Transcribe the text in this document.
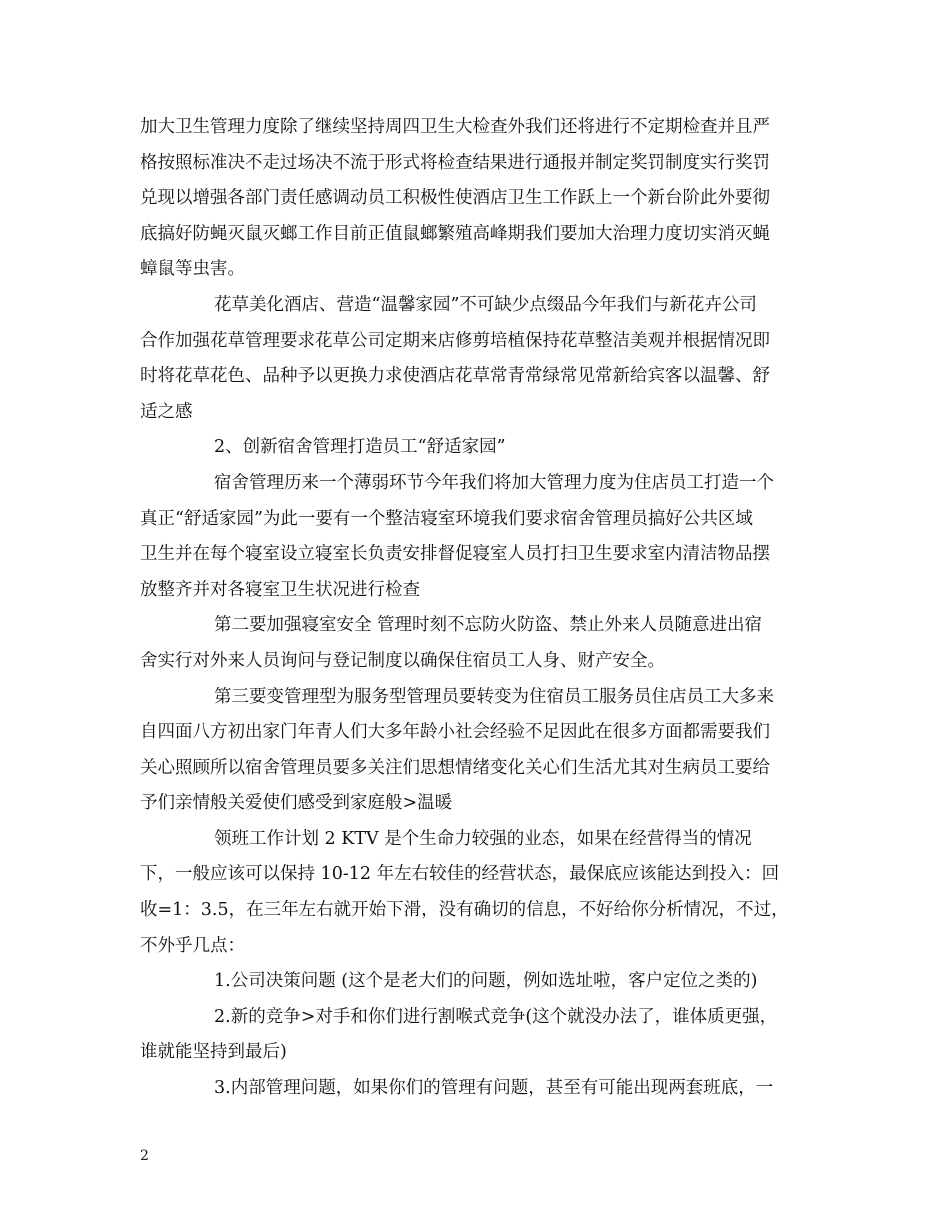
加大卫生管理力度除了继续坚持周四卫生大检查外我们还将进行不定期检查并且严
格按照标准决不走过场决不流于形式将检查结果进行通报并制定奖罚制度实行奖罚
兑现以增强各部门责任感调动员工积极性使酒店卫生工作跃上一个新台阶此外要彻
底搞好防蝇灭鼠灭螂工作目前正值鼠螂繁殖高峰期我们要加大治理力度切实消灭蝇
蟑鼠等虫害。
花草美化酒店、营造“温馨家园”不可缺少点缀品今年我们与新花卉公司
合作加强花草管理要求花草公司定期来店修剪培植保持花草整洁美观并根据情况即
时将花草花色、品种予以更换力求使酒店花草常青常绿常见常新给宾客以温馨、舒
适之感
2、创新宿舍管理打造员工“舒适家园”
宿舍管理历来一个薄弱环节今年我们将加大管理力度为住店员工打造一个
真正“舒适家园”为此一要有一个整洁寝室环境我们要求宿舍管理员搞好公共区域
卫生并在每个寝室设立寝室长负责安排督促寝室人员打扫卫生要求室内清洁物品摆
放整齐并对各寝室卫生状况进行检查
第二要加强寝室安全 管理时刻不忘防火防盗、禁止外来人员随意进出宿
舍实行对外来人员询问与登记制度以确保住宿员工人身、财产安全。
第三要变管理型为服务型管理员要转变为住宿员工服务员住店员工大多来
自四面八方初出家门年青人们大多年龄小社会经验不足因此在很多方面都需要我们
关心照顾所以宿舍管理员要多关注们思想情绪变化关心们生活尤其对生病员工要给
予们亲情般关爱使们感受到家庭般>温暖
领班工作计划 2 KTV 是个生命力较强的业态，如果在经营得当的情况
下，一般应该可以保持 10-12 年左右较佳的经营状态，最保底应该能达到投入：回
收=1：3.5，在三年左右就开始下滑，没有确切的信息，不好给你分析情况，不过，
不外乎几点：
1.公司决策问题 (这个是老大们的问题，例如选址啦，客户定位之类的)
2.新的竞争>对手和你们进行割喉式竞争(这个就没办法了，谁体质更强，
谁就能坚持到最后)
3.内部管理问题，如果你们的管理有问题，甚至有可能出现两套班底，一
2
